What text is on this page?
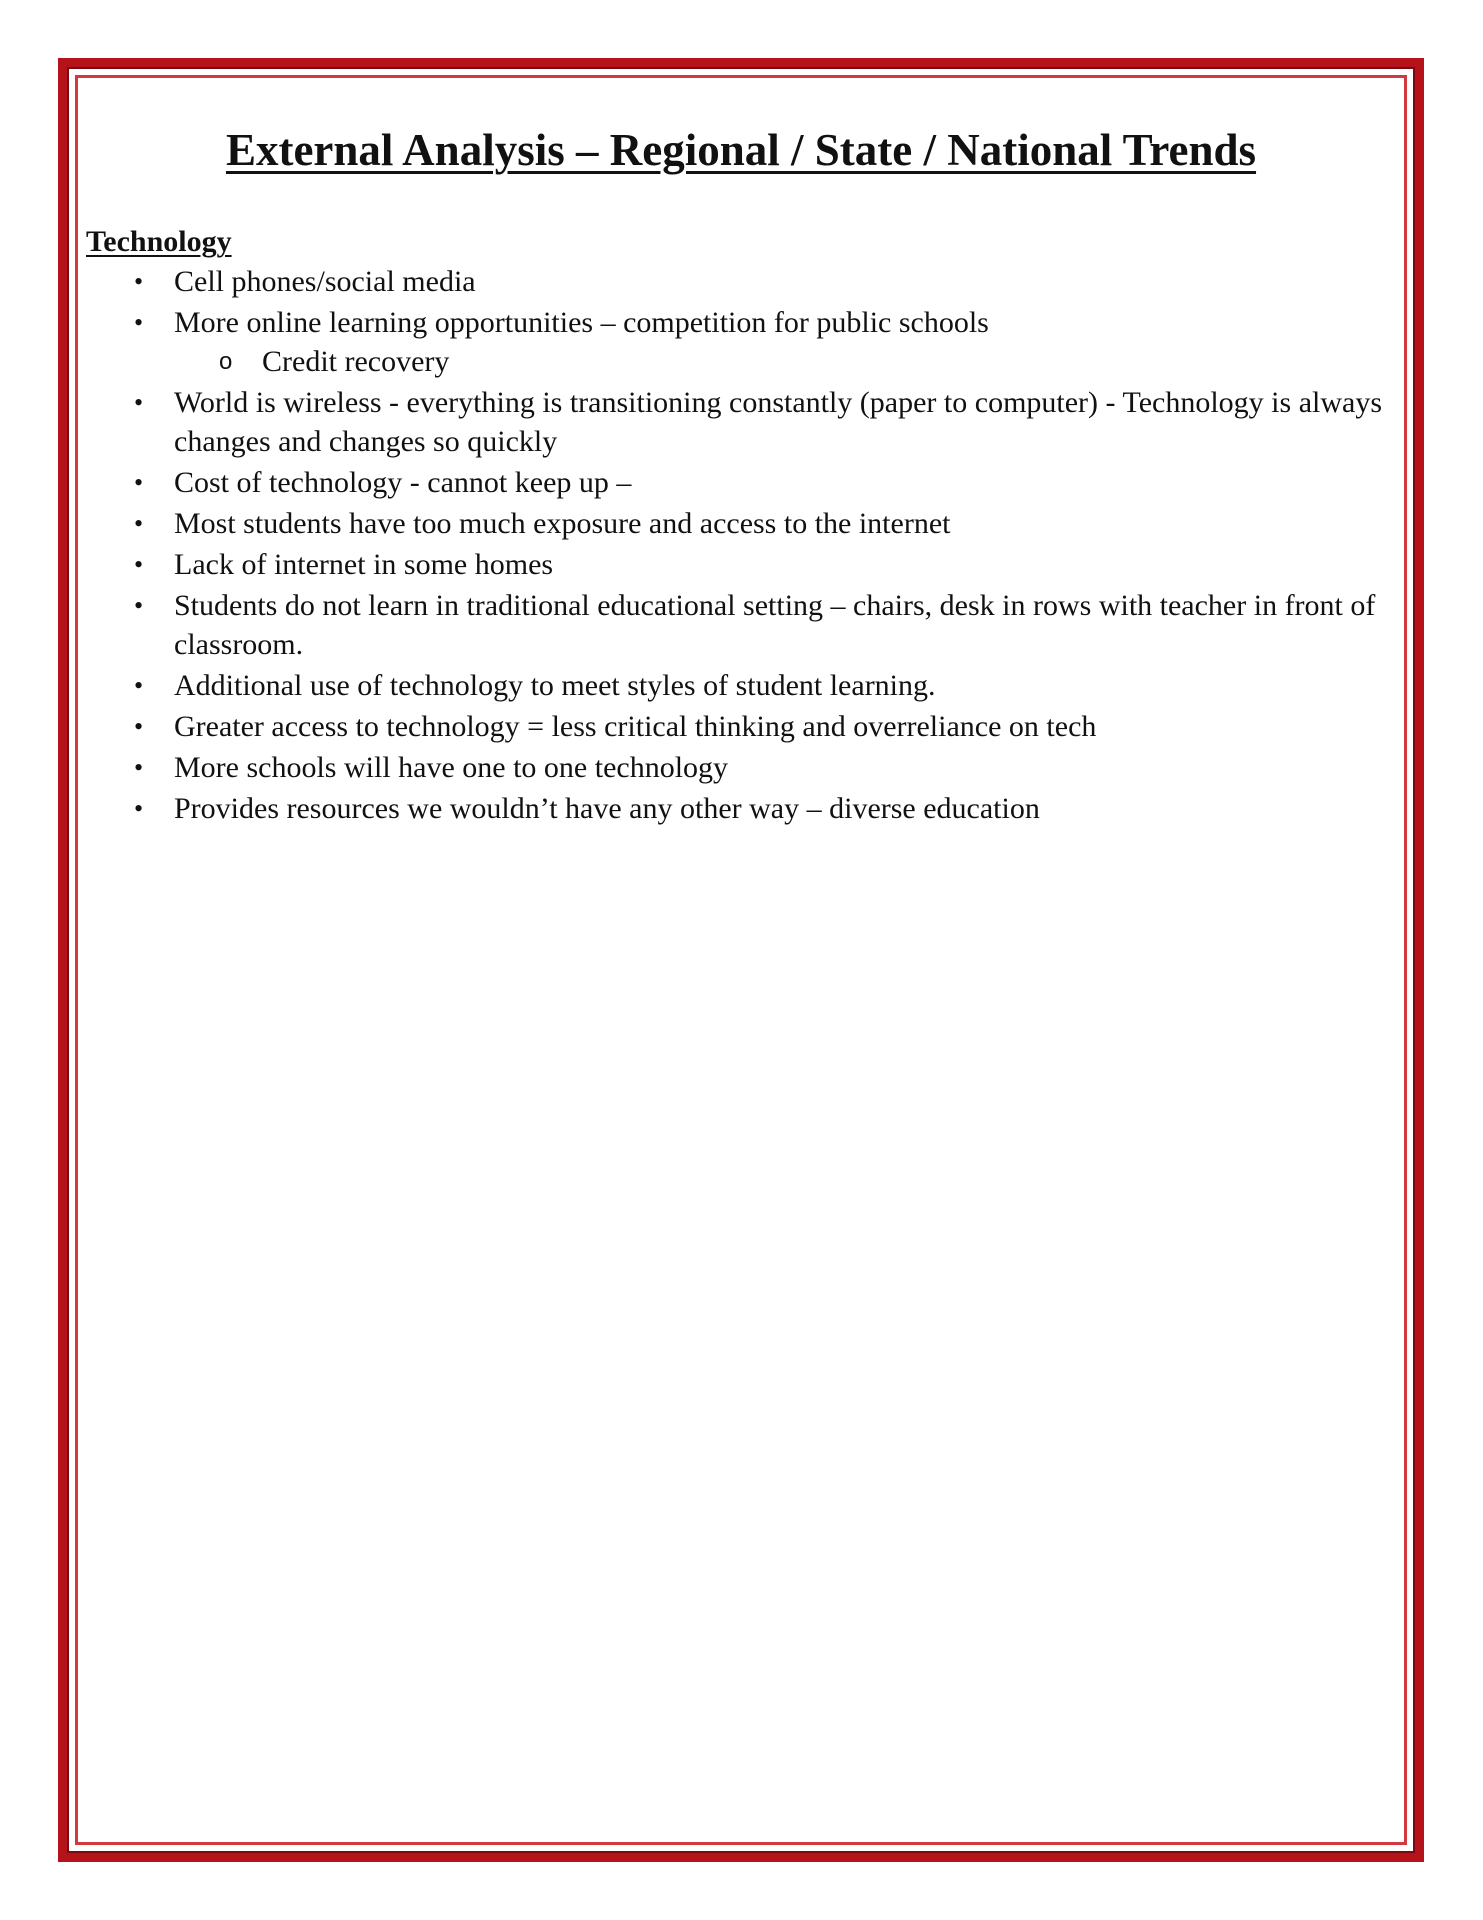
External Analysis – Regional / State / National Trends
Technology
• Cell phones/social media
• More online learning opportunities – competition for public schools
o Credit recovery
• World is wireless - everything is transitioning constantly (paper to computer) - Technology is always changes and changes so quickly
• Cost of technology - cannot keep up –
• Most students have too much exposure and access to the internet
• Lack of internet in some homes
• Students do not learn in traditional educational setting – chairs, desk in rows with teacher in front of classroom.
• Additional use of technology to meet styles of student learning.
• Greater access to technology = less critical thinking and overreliance on tech
• More schools will have one to one technology
• Provides resources we wouldn’t have any other way – diverse education
